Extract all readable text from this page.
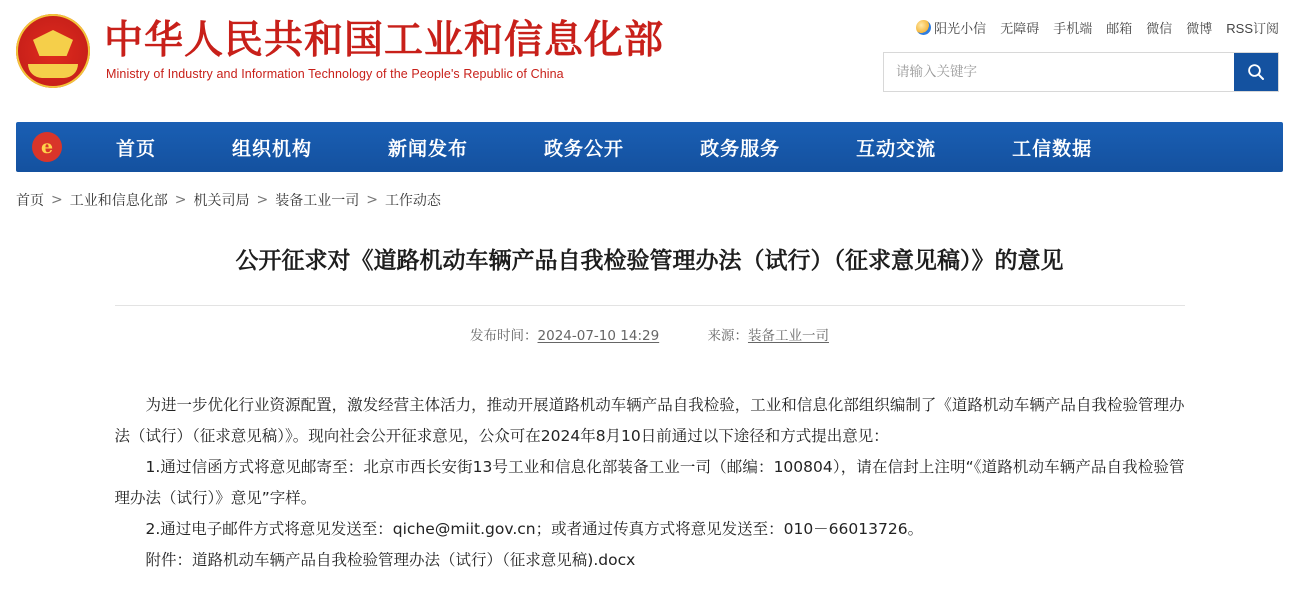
中华人民共和国工业和信息化部
Ministry of Industry and Information Technology of the People's Republic of China
阳光小信 无障碍 手机端 邮箱 微信 微博 RSS订阅
请输入关键字
e	首页	组织机构	新闻发布	政务公开	政务服务	互动交流	工信数据
首页 > 工业和信息化部 > 机关司局 > 装备工业一司 > 工作动态
公开征求对《道路机动车辆产品自我检验管理办法（试行）（征求意见稿）》的意见
发布时间：2024-07-10 14:29	来源：装备工业一司

为进一步优化行业资源配置，激发经营主体活力，推动开展道路机动车辆产品自我检验，工业和信息化部组织编制了《道路机动车辆产品自我检验管理办法（试行）（征求意见稿）》。现向社会公开征求意见，公众可在2024年8月10日前通过以下途径和方式提出意见：

1.通过信函方式将意见邮寄至：北京市西长安街13号工业和信息化部装备工业一司（邮编：100804），请在信封上注明“《道路机动车辆产品自我检验管理办法（试行）》意见”字样。

2.通过电子邮件方式将意见发送至：qiche@miit.gov.cn；或者通过传真方式将意见发送至：010－66013726。

附件：道路机动车辆产品自我检验管理办法（试行）（征求意见稿).docx
